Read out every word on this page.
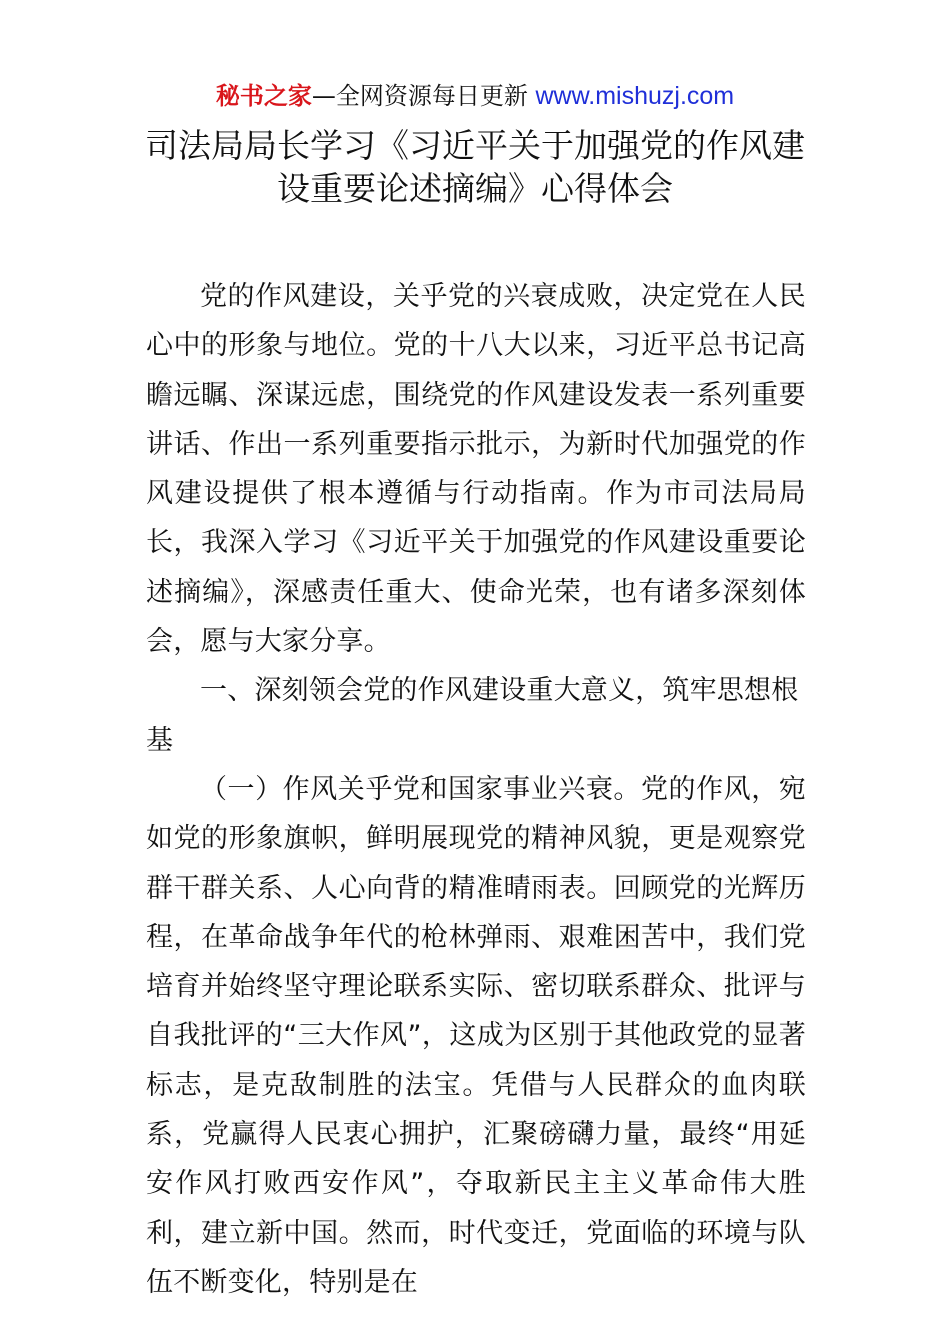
秘书之家—全网资源每日更新 www.mishuzj.com
司法局局长学习《习近平关于加强党的作风建
设重要论述摘编》心得体会

党的作风建设，关乎党的兴衰成败，决定党在人民心中的形象与地位。党的十八大以来，习近平总书记高瞻远瞩、深谋远虑，围绕党的作风建设发表一系列重要讲话、作出一系列重要指示批示，为新时代加强党的作风建设提供了根本遵循与行动指南。作为市司法局局长，我深入学习《习近平关于加强党的作风建设重要论述摘编》，深感责任重大、使命光荣，也有诸多深刻体会，愿与大家分享。

一、深刻领会党的作风建设重大意义，筑牢思想根基

（一）作风关乎党和国家事业兴衰。党的作风，宛如党的形象旗帜，鲜明展现党的精神风貌，更是观察党群干群关系、人心向背的精准晴雨表。回顾党的光辉历程，在革命战争年代的枪林弹雨、艰难困苦中，我们党培育并始终坚守理论联系实际、密切联系群众、批评与自我批评的“三大作风”，这成为区别于其他政党的显著标志，是克敌制胜的法宝。凭借与人民群众的血肉联系，党赢得人民衷心拥护，汇聚磅礴力量，最终“用延安作风打败西安作风”，夺取新民主主义革命伟大胜利，建立新中国。然而，时代变迁，党面临的环境与队伍不断变化，特别是在
